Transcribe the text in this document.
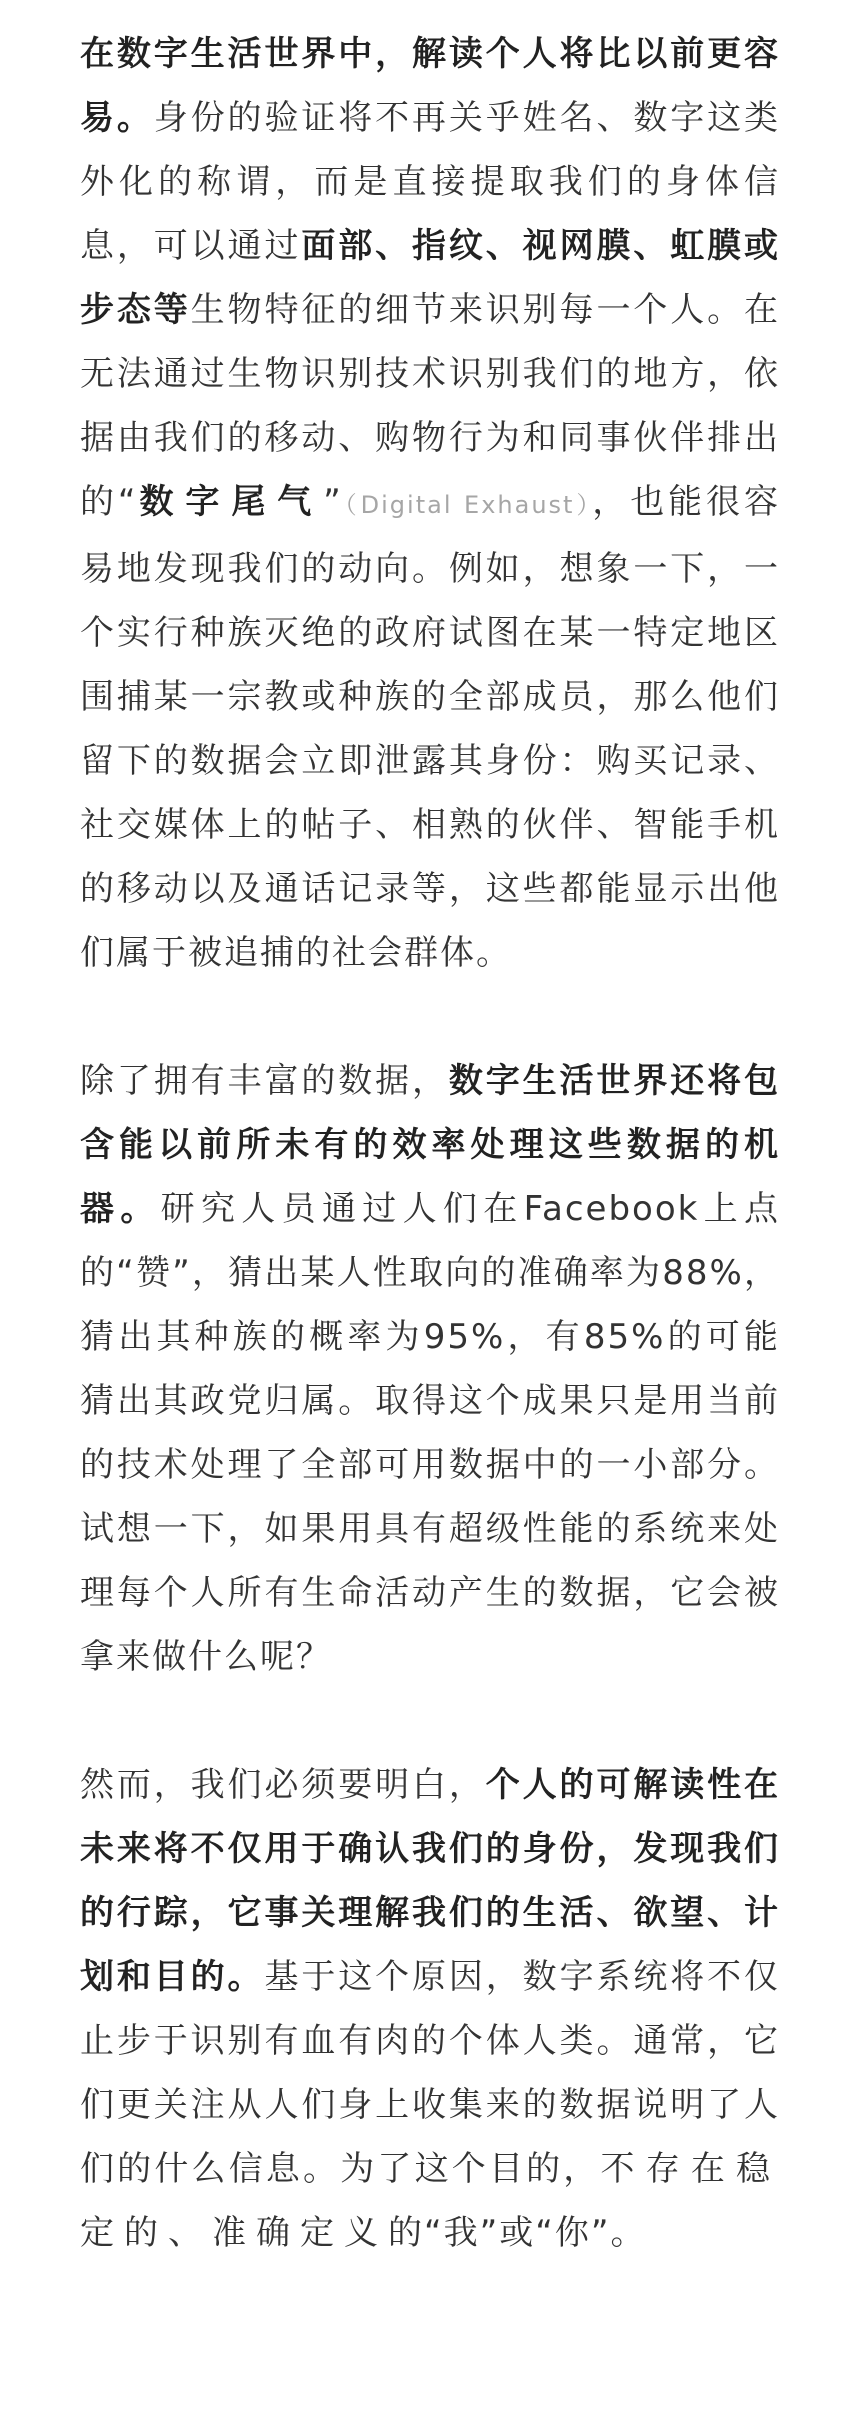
在数字生活世界中，解读个人将比以前更容易。身份的验证将不再关乎姓名、数字这类外化的称谓，而是直接提取我们的身体信息，可以通过面部、指纹、视网膜、虹膜或步态等生物特征的细节来识别每一个人。在无法通过生物识别技术识别我们的地方，依据由我们的移动、购物行为和同事伙伴排出的“数字尾气”（Digital Exhaust），也能很容易地发现我们的动向。例如，想象一下，一个实行种族灭绝的政府试图在某一特定地区围捕某一宗教或种族的全部成员，那么他们留下的数据会立即泄露其身份：购买记录、社交媒体上的帖子、相熟的伙伴、智能手机的移动以及通话记录等，这些都能显示出他们属于被追捕的社会群体。

除了拥有丰富的数据，数字生活世界还将包含能以前所未有的效率处理这些数据的机器。研究人员通过人们在Facebook上点的“赞”，猜出某人性取向的准确率为88%，猜出其种族的概率为95%，有85%的可能猜出其政党归属。取得这个成果只是用当前的技术处理了全部可用数据中的一小部分。试想一下，如果用具有超级性能的系统来处理每个人所有生命活动产生的数据，它会被拿来做什么呢？

然而，我们必须要明白，个人的可解读性在未来将不仅用于确认我们的身份，发现我们的行踪，它事关理解我们的生活、欲望、计划和目的。基于这个原因，数字系统将不仅止步于识别有血有肉的个体人类。通常，它们更关注从人们身上收集来的数据说明了人们的什么信息。为了这个目的，不存在稳定的、准确定义的“我”或“你”。
